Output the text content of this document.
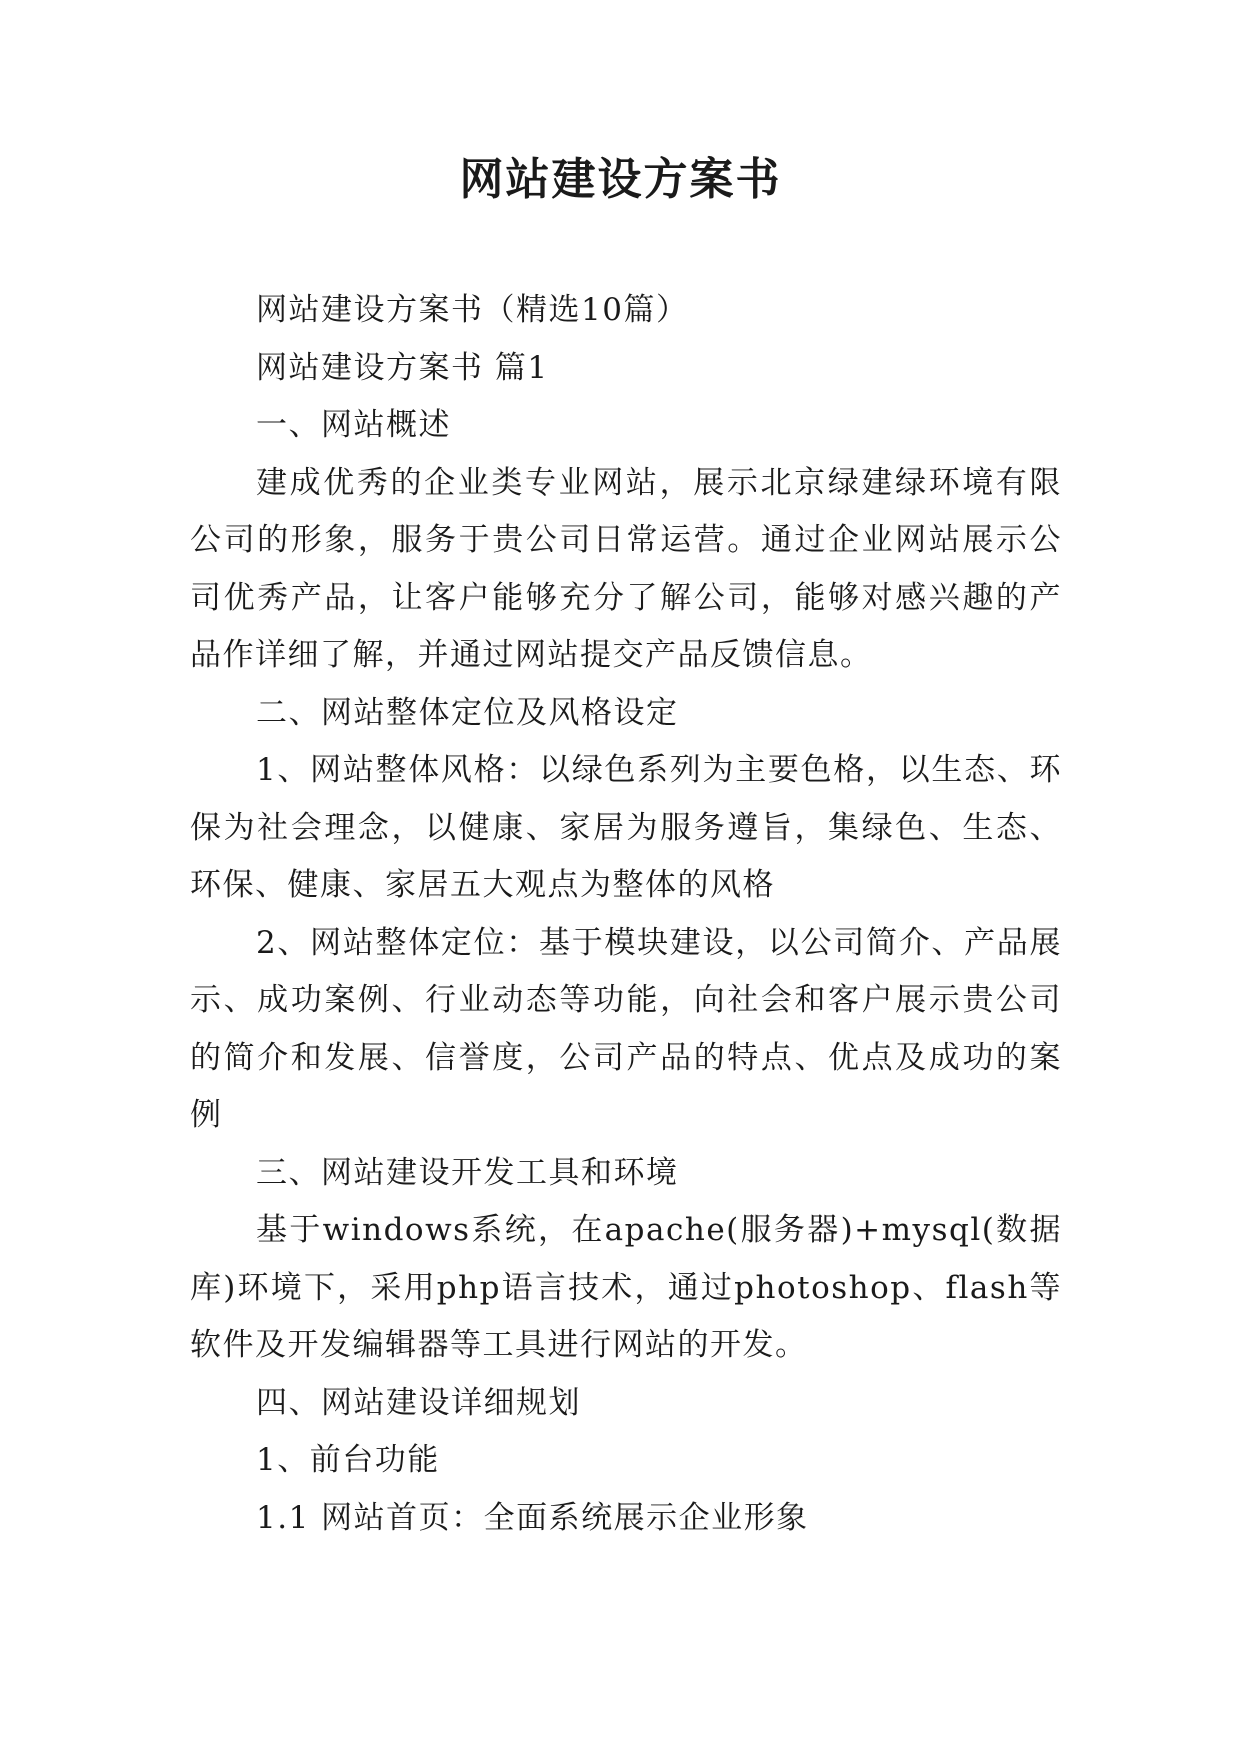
网站建设方案书

网站建设方案书（精选10篇）

网站建设方案书 篇1

一、网站概述

建成优秀的企业类专业网站，展示北京绿建绿环境有限公司的形象，服务于贵公司日常运营。通过企业网站展示公司优秀产品，让客户能够充分了解公司，能够对感兴趣的产品作详细了解，并通过网站提交产品反馈信息。

二、网站整体定位及风格设定

1、网站整体风格：以绿色系列为主要色格，以生态、环保为社会理念，以健康、家居为服务遵旨，集绿色、生态、环保、健康、家居五大观点为整体的风格

2、网站整体定位：基于模块建设，以公司简介、产品展示、成功案例、行业动态等功能，向社会和客户展示贵公司的简介和发展、信誉度，公司产品的特点、优点及成功的案例

三、网站建设开发工具和环境

基于windows系统，在apache(服务器)+mysql(数据库)环境下，采用php语言技术，通过photoshop、flash等软件及开发编辑器等工具进行网站的开发。

四、网站建设详细规划

1、前台功能

1.1 网站首页：全面系统展示企业形象
